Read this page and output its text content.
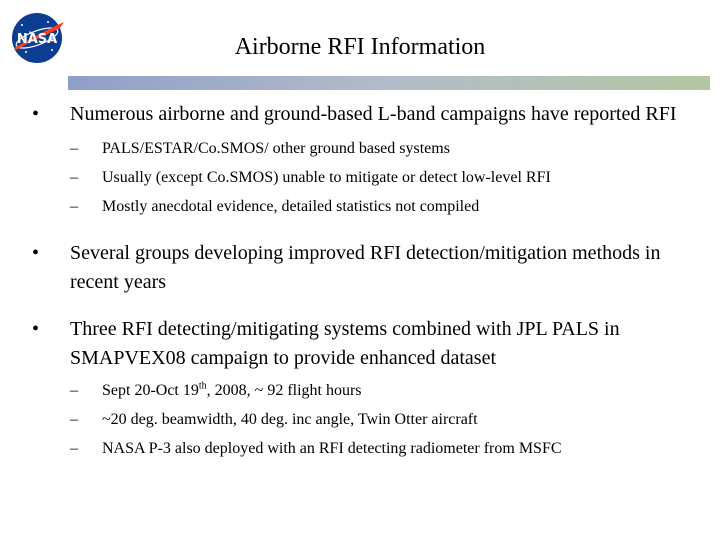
NASA	Airborne RFI Information

• Numerous airborne and ground-based L-band campaigns have reported RFI

– PALS/ESTAR/Co.SMOS/ other ground based systems

– Usually (except Co.SMOS) unable to mitigate or detect low-level RFI

– Mostly anecdotal evidence, detailed statistics not compiled

• Several groups developing improved RFI detection/mitigation methods in recent years

• Three RFI detecting/mitigating systems combined with JPL PALS in SMAPVEX08 campaign to provide enhanced dataset

– Sept 20-Oct 19th, 2008, ~ 92 flight hours

– ~20 deg. beamwidth, 40 deg. inc angle, Twin Otter aircraft

– NASA P-3 also deployed with an RFI detecting radiometer from MSFC
